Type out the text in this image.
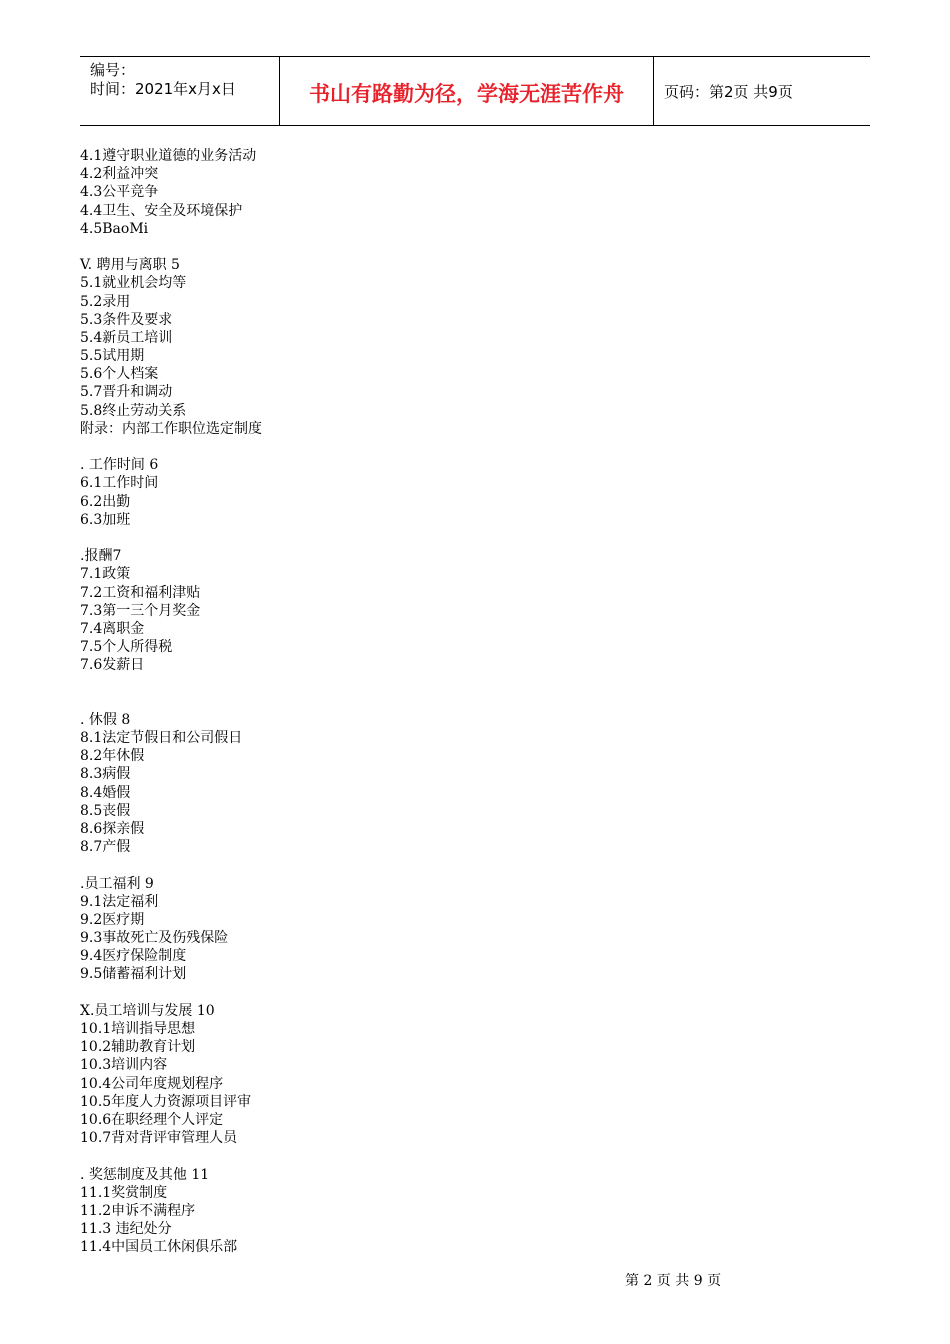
编号：
时间：2021年x月x日	书山有路勤为径，学海无涯苦作舟	页码：第2页 共9页
4.1遵守职业道德的业务活动
4.2利益冲突
4.3公平竞争
4.4卫生、安全及环境保护
4.5BaoMi
V. 聘用与离职 5
5.1就业机会均等
5.2录用
5.3条件及要求
5.4新员工培训
5.5试用期
5.6个人档案
5.7晋升和调动
5.8终止劳动关系
附录：内部工作职位选定制度
. 工作时间 6
6.1工作时间
6.2出勤
6.3加班
.报酬7
7.1政策
7.2工资和福利津贴
7.3第一三个月奖金
7.4离职金
7.5个人所得税
7.6发薪日
. 休假 8
8.1法定节假日和公司假日
8.2年休假
8.3病假
8.4婚假
8.5丧假
8.6探亲假
8.7产假
.员工福利 9
9.1法定福利
9.2医疗期
9.3事故死亡及伤残保险
9.4医疗保险制度
9.5储蓄福利计划
X.员工培训与发展 10
10.1培训指导思想
10.2辅助教育计划
10.3培训内容
10.4公司年度规划程序
10.5年度人力资源项目评审
10.6在职经理个人评定
10.7背对背评审管理人员
. 奖惩制度及其他 11
11.1奖赏制度
11.2申诉不满程序
11.3 违纪处分
11.4中国员工休闲俱乐部
第 2 页 共 9 页
